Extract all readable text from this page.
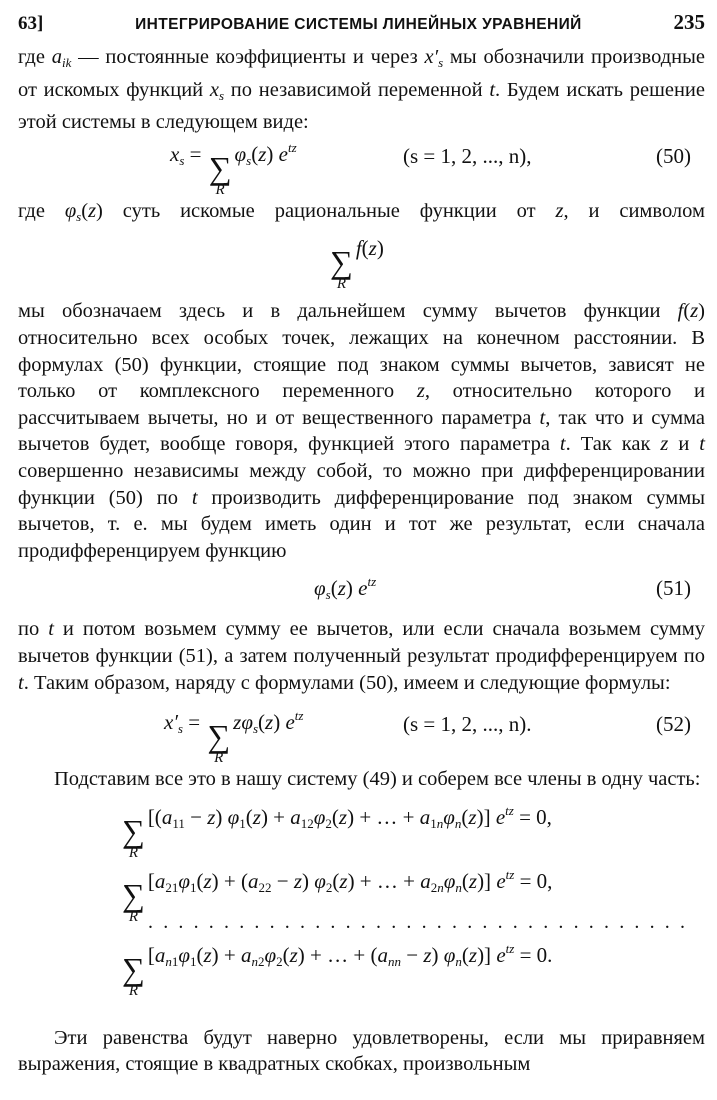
63]	ИНТЕГРИРОВАНИЕ СИСТЕМЫ ЛИНЕЙНЫХ УРАВНЕНИЙ	235

где $a_{ik}$ — постоянные коэффициенты и через $x'_s$ мы обозначили производные от искомых функций $x_s$ по независимой переменной t. Будем искать решение этой системы в следующем виде:

$x_s$ = ∑
R
$\varphi_s(z)$ $e^{tz}$	(s = 1, 2, ..., n),	(50)

где $\varphi_s(z)$ суть искомые рациональные функции от z, и символом

∑
R
f(z)

мы обозначаем здесь и в дальнейшем сумму вычетов функции f(z) относительно всех особых точек, лежащих на конечном расстоянии. В формулах (50) функции, стоящие под знаком суммы вычетов, зависят не только от комплексного переменного z, относительно которого и рассчитываем вычеты, но и от вещественного параметра t, так что и сумма вычетов будет, вообще говоря, функцией этого параметра t. Так как z и t совершенно независимы между собой, то можно при дифференцировании функции (50) по t производить дифференцирование под знаком суммы вычетов, т. е. мы будем иметь один и тот же результат, если сначала продифференцируем функцию

$\varphi_s(z)$ $e^{tz}$	(51)

по t и потом возьмем сумму ее вычетов, или если сначала возьмем сумму вычетов функции (51), а затем полученный результат продифференцируем по t. Таким образом, наряду с формулами (50), имеем и следующие формулы:

$x'_s$ = ∑
R
$z\varphi_s(z)$ $e^{tz}$	(s = 1, 2, ..., n).	(52)

Подставим все это в нашу систему (49) и соберем все члены в одну часть:

∑
R
[$(a_{11} - z) \varphi_1(z) + a_{12}\varphi_2(z)$ + … + $a_{1n}\varphi_n(z)$] $e^{tz} = 0$,
∑
R
[$a_{21}\varphi_1(z) + (a_{22} - z) \varphi_2(z)$ + … + $a_{2n}\varphi_n(z)$] $e^{tz} = 0$,
....................................
∑
R
[$a_{n1}\varphi_1(z) + a_{n2}\varphi_2(z)$ + … + $(a_{nn} - z)$ $\varphi_n(z)$] $e^{tz} = 0$.

Эти равенства будут наверно удовлетворены, если мы приравняем выражения, стоящие в квадратных скобках, произвольным
